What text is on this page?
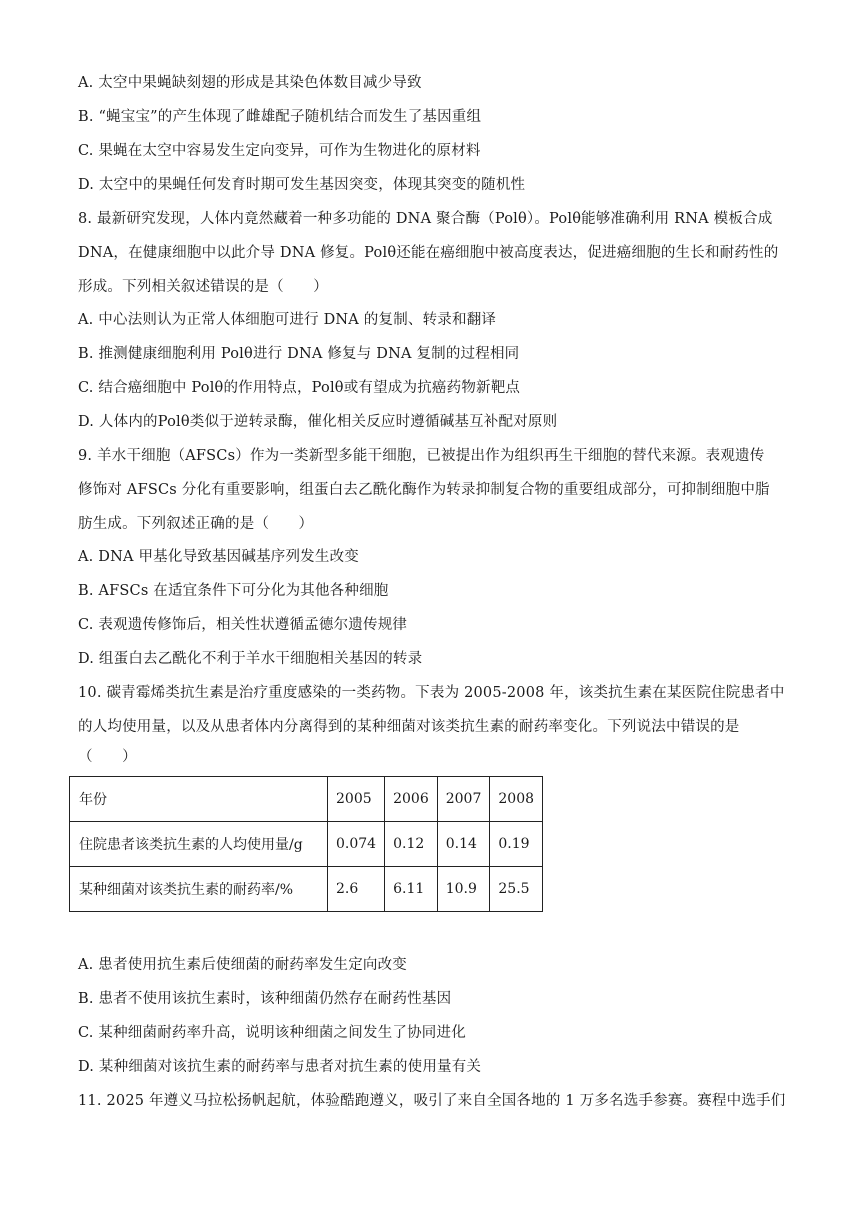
A. 太空中果蝇缺刻翅的形成是其染色体数目减少导致
B. “蝇宝宝”的产生体现了雌雄配子随机结合而发生了基因重组
C. 果蝇在太空中容易发生定向变异，可作为生物进化的原材料
D. 太空中的果蝇任何发育时期可发生基因突变，体现其突变的随机性
8. 最新研究发现，人体内竟然藏着一种多功能的 DNA 聚合酶（Polθ）。Polθ能够准确利用 RNA 模板合成
DNA，在健康细胞中以此介导 DNA 修复。Polθ还能在癌细胞中被高度表达，促进癌细胞的生长和耐药性的
形成。下列相关叙述错误的是（　　）
A. 中心法则认为正常人体细胞可进行 DNA 的复制、转录和翻译
B. 推测健康细胞利用 Polθ进行 DNA 修复与 DNA 复制的过程相同
C. 结合癌细胞中 Polθ的作用特点，Polθ或有望成为抗癌药物新靶点
D. 人体内的Polθ类似于逆转录酶，催化相关反应时遵循碱基互补配对原则
9. 羊水干细胞（AFSCs）作为一类新型多能干细胞，已被提出作为组织再生干细胞的替代来源。表观遗传
修饰对 AFSCs 分化有重要影响，组蛋白去乙酰化酶作为转录抑制复合物的重要组成部分，可抑制细胞中脂
肪生成。下列叙述正确的是（　　）
A. DNA 甲基化导致基因碱基序列发生改变
B. AFSCs 在适宜条件下可分化为其他各种细胞
C. 表观遗传修饰后，相关性状遵循孟德尔遗传规律
D. 组蛋白去乙酰化不利于羊水干细胞相关基因的转录
10. 碳青霉烯类抗生素是治疗重度感染的一类药物。下表为 2005-2008 年，该类抗生素在某医院住院患者中
的人均使用量，以及从患者体内分离得到的某种细菌对该类抗生素的耐药率变化。下列说法中错误的是
（　　）
年份	2005	2006	2007	2008
住院患者该类抗生素的人均使用量/g	0.074	0.12	0.14	0.19
某种细菌对该类抗生素的耐药率/%	2.6	6.11	10.9	25.5
A. 患者使用抗生素后使细菌的耐药率发生定向改变
B. 患者不使用该抗生素时，该种细菌仍然存在耐药性基因
C. 某种细菌耐药率升高，说明该种细菌之间发生了协同进化
D. 某种细菌对该抗生素的耐药率与患者对抗生素的使用量有关
11. 2025 年遵义马拉松扬帆起航，体验酷跑遵义，吸引了来自全国各地的 1 万多名选手参赛。赛程中选手们
